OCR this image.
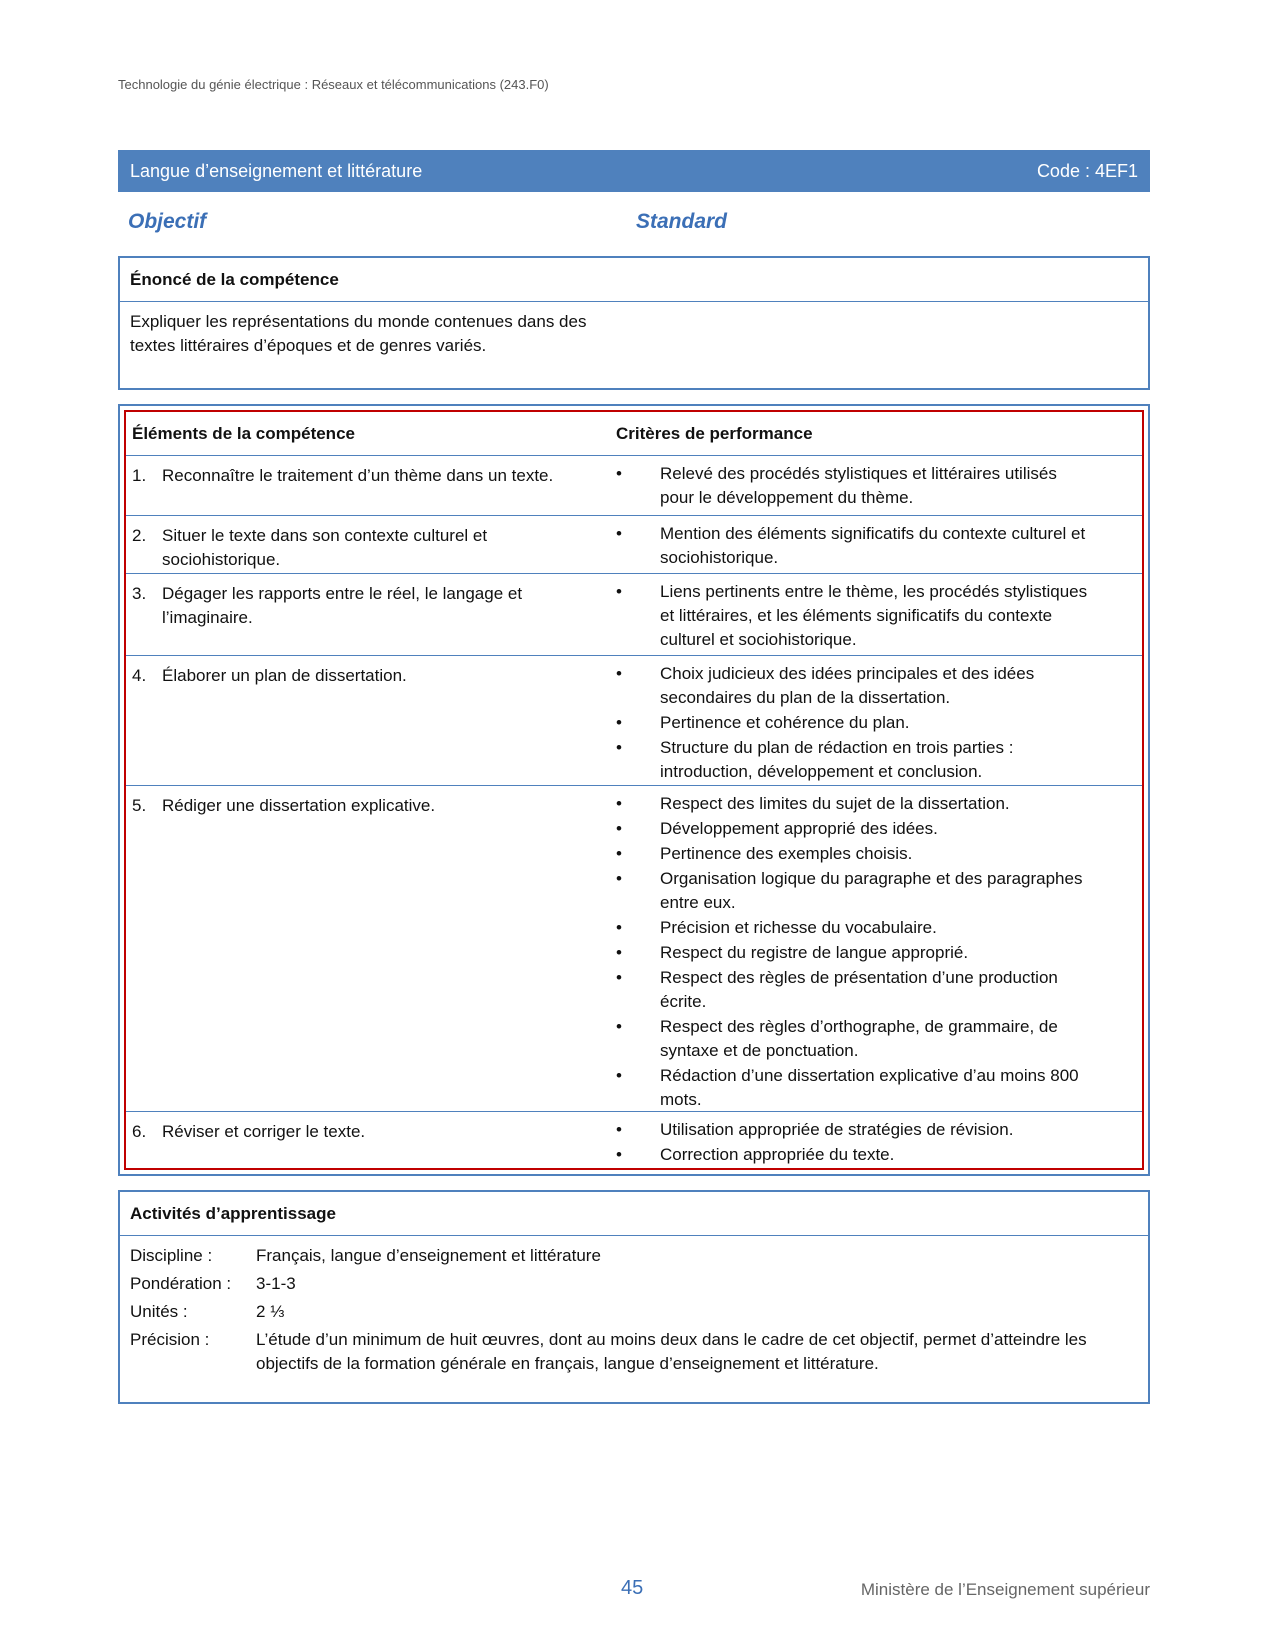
Technologie du génie électrique : Réseaux et télécommunications (243.F0)
Langue d’enseignement et littérature	Code : 4EF1
Objectif	Standard
Énoncé de la compétence
Expliquer les représentations du monde contenues dans des textes littéraires d’époques et de genres variés.
Éléments de la compétence	Critères de performance
1. Reconnaître le traitement d’un thème dans un texte.	• Relevé des procédés stylistiques et littéraires utilisés pour le développement du thème.
2. Situer le texte dans son contexte culturel et sociohistorique.
• Mention des éléments significatifs du contexte culturel et sociohistorique.
3. Dégager les rapports entre le réel, le langage et l’imaginaire.
• Liens pertinents entre le thème, les procédés stylistiques et littéraires, et les éléments significatifs du contexte culturel et sociohistorique.
4. Élaborer un plan de dissertation.	• Choix judicieux des idées principales et des idées secondaires du plan de la dissertation.
• Pertinence et cohérence du plan.
• Structure du plan de rédaction en trois parties : introduction, développement et conclusion.
5. Rédiger une dissertation explicative.	• Respect des limites du sujet de la dissertation.
• Développement approprié des idées.
• Pertinence des exemples choisis.
• Organisation logique du paragraphe et des paragraphes entre eux.
• Précision et richesse du vocabulaire.
• Respect du registre de langue approprié.
• Respect des règles de présentation d’une production écrite.
• Respect des règles d’orthographe, de grammaire, de syntaxe et de ponctuation.
• Rédaction d’une dissertation explicative d’au moins 800 mots.
6. Réviser et corriger le texte.	• Utilisation appropriée de stratégies de révision.
• Correction appropriée du texte.
Activités d’apprentissage
Discipline :	Français, langue d’enseignement et littérature
Pondération : 3-1-3
Unités :	2 ⅓
Précision :	L’étude d’un minimum de huit œuvres, dont au moins deux dans le cadre de cet objectif, permet d’atteindre les objectifs de la formation générale en français, langue d’enseignement et littérature.
45	Ministère de l’Enseignement supérieur
